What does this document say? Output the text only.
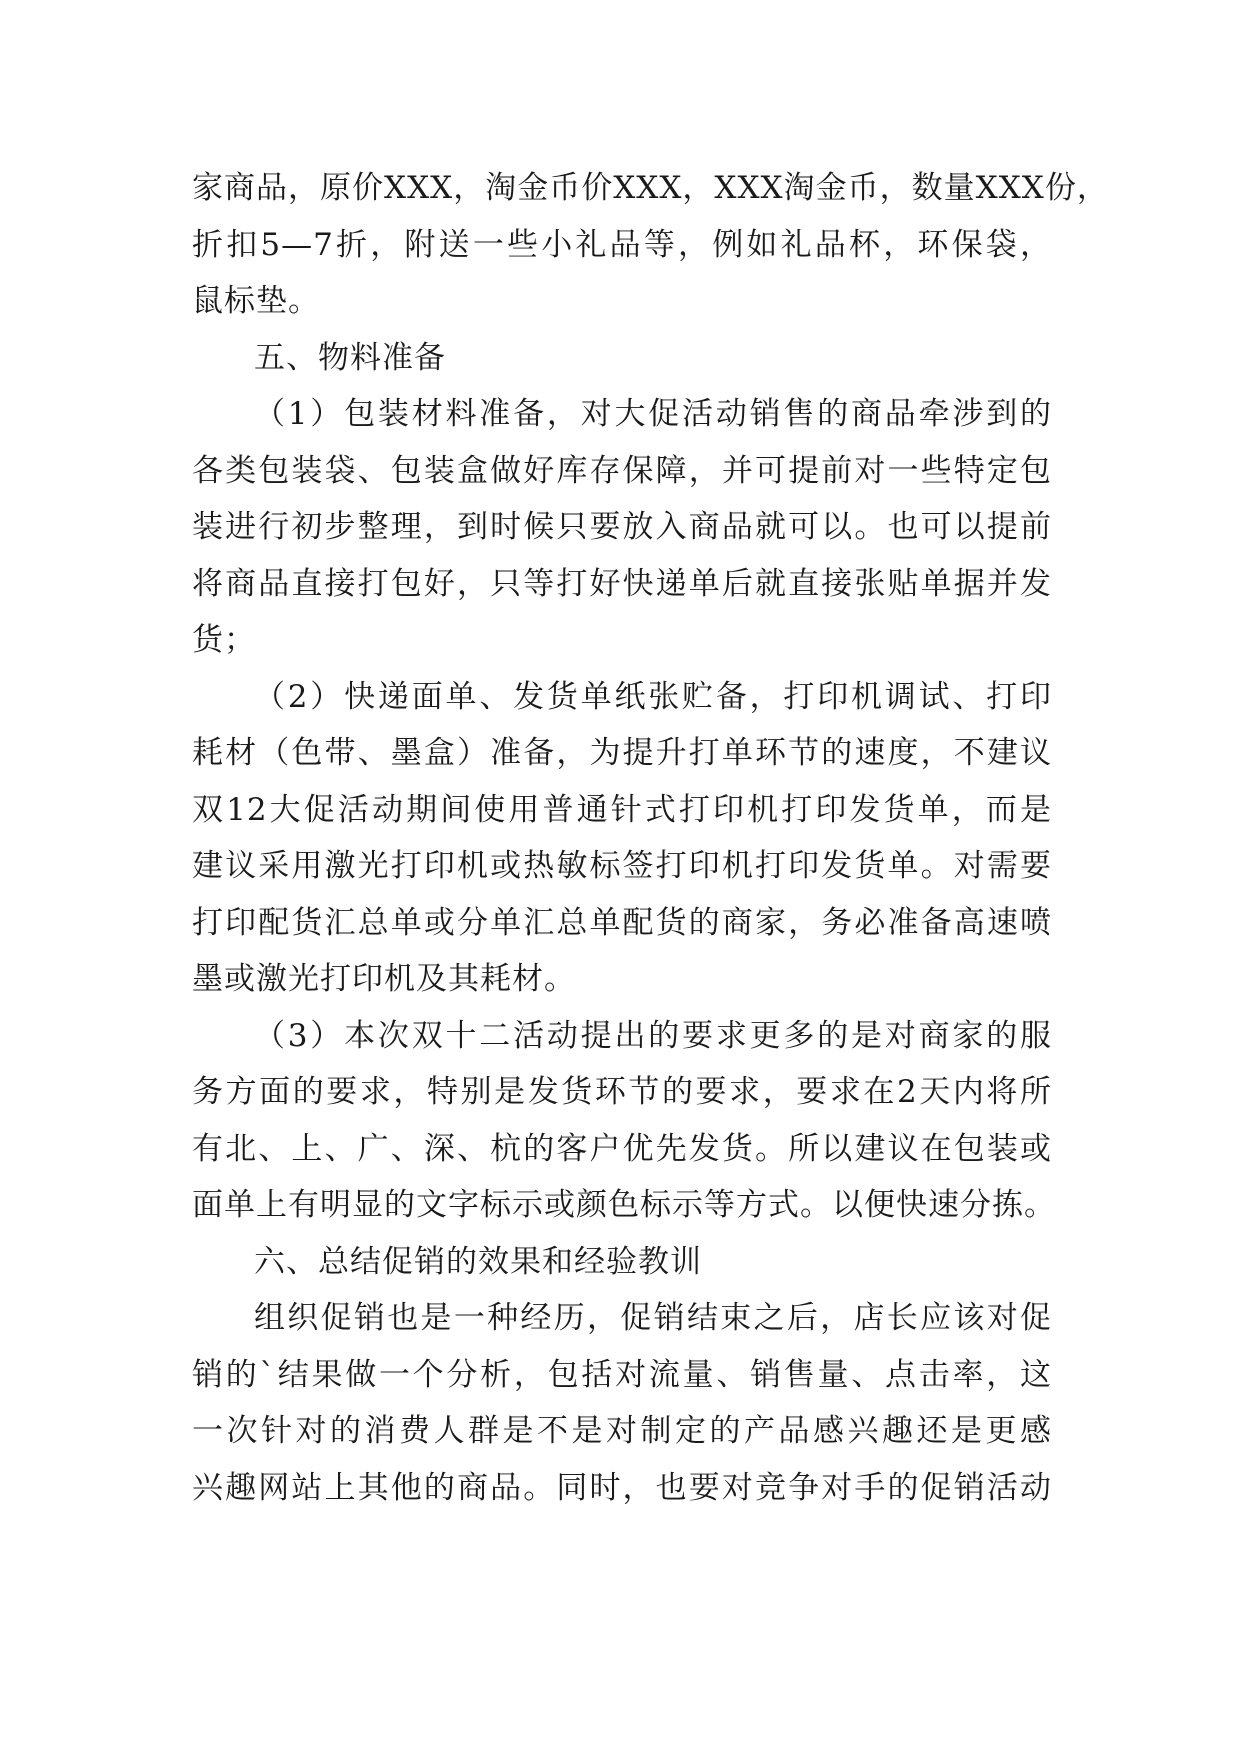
家商品，原价XXX，淘金币价XXX，XXX淘金币，数量XXX份，
折扣5—7折，附送一些小礼品等，例如礼品杯，环保袋，
鼠标垫。
五、物料准备
（1）包装材料准备，对大促活动销售的商品牵涉到的
各类包装袋、包装盒做好库存保障，并可提前对一些特定包
装进行初步整理，到时候只要放入商品就可以。也可以提前
将商品直接打包好，只等打好快递单后就直接张贴单据并发
货；
（2）快递面单、发货单纸张贮备，打印机调试、打印
耗材（色带、墨盒）准备，为提升打单环节的速度，不建议
双12大促活动期间使用普通针式打印机打印发货单，而是
建议采用激光打印机或热敏标签打印机打印发货单。对需要
打印配货汇总单或分单汇总单配货的商家，务必准备高速喷
墨或激光打印机及其耗材。
（3）本次双十二活动提出的要求更多的是对商家的服
务方面的要求，特别是发货环节的要求，要求在2天内将所
有北、上、广、深、杭的客户优先发货。所以建议在包装或
面单上有明显的文字标示或颜色标示等方式。以便快速分拣。
六、总结促销的效果和经验教训
组织促销也是一种经历，促销结束之后，店长应该对促
销的`结果做一个分析，包括对流量、销售量、点击率，这
一次针对的消费人群是不是对制定的产品感兴趣还是更感
兴趣网站上其他的商品。同时，也要对竞争对手的促销活动
